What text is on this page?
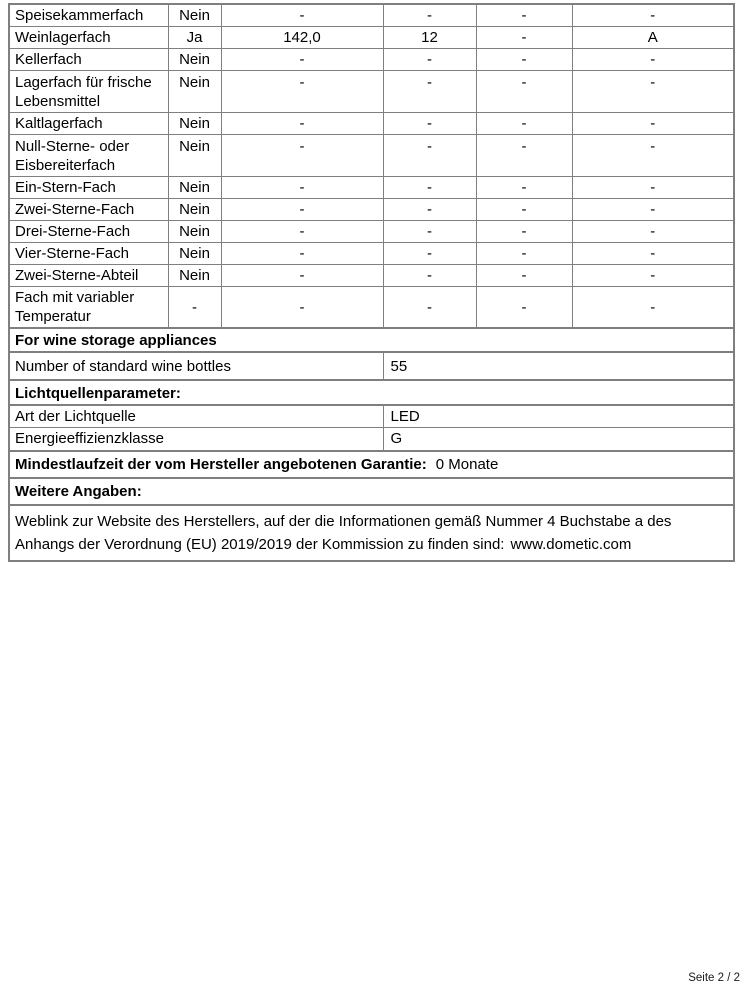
Speisekammerfach	Nein	-	-	-	-
Weinlagerfach	Ja	142,0	12	-	A
Kellerfach	Nein	-	-	-	-
Lagerfach für frische Lebensmittel	Nein	-	-	-	-
Kaltlagerfach	Nein	-	-	-	-
Null-Sterne- oder Eisbereiterfach	Nein	-	-	-	-
Ein-Stern-Fach	Nein	-	-	-	-
Zwei-Sterne-Fach	Nein	-	-	-	-
Drei-Sterne-Fach	Nein	-	-	-	-
Vier-Sterne-Fach	Nein	-	-	-	-
Zwei-Sterne-Abteil	Nein	-	-	-	-
Fach mit variabler Temperatur	-	-	-	-	-
For wine storage appliances					
Number of standard wine bottles			55		
Lichtquellenparameter:					
Art der Lichtquelle			LED		
Energieeffizienzklasse			G		
Mindestlaufzeit der vom Hersteller angebotenen Garantie: 0 Monate					
Weitere Angaben:					
Weblink zur Website des Herstellers, auf der die Informationen gemäß Nummer 4 Buchstabe a des Anhangs der Verordnung (EU) 2019/2019 der Kommission zu finden sind: www.dometic.com					
Seite 2 / 2
